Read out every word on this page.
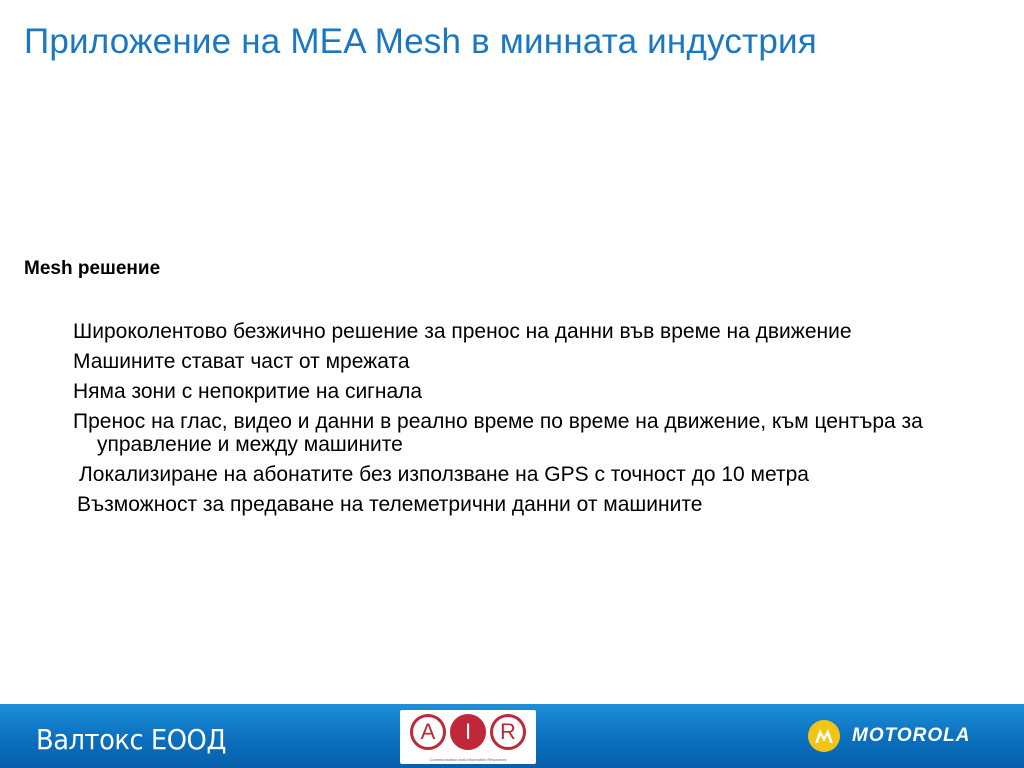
Приложение на MEA Mesh в минната индустрия
Mesh решение
Широколентово безжично решение за пренос на данни във време на движение
Машините стават част от мрежата
Няма зони с непокритие на сигнала
Пренос на глас, видео и данни в реално време по време на движение, към центъра за управление и между машините
Локализиране на абонатите без използване на GPS с точност до 10 метра
Възможност за предаване на телеметрични данни от машините
Валтокс ЕООД	A	I	R
Communication and Information Resources
MOTOROLA
